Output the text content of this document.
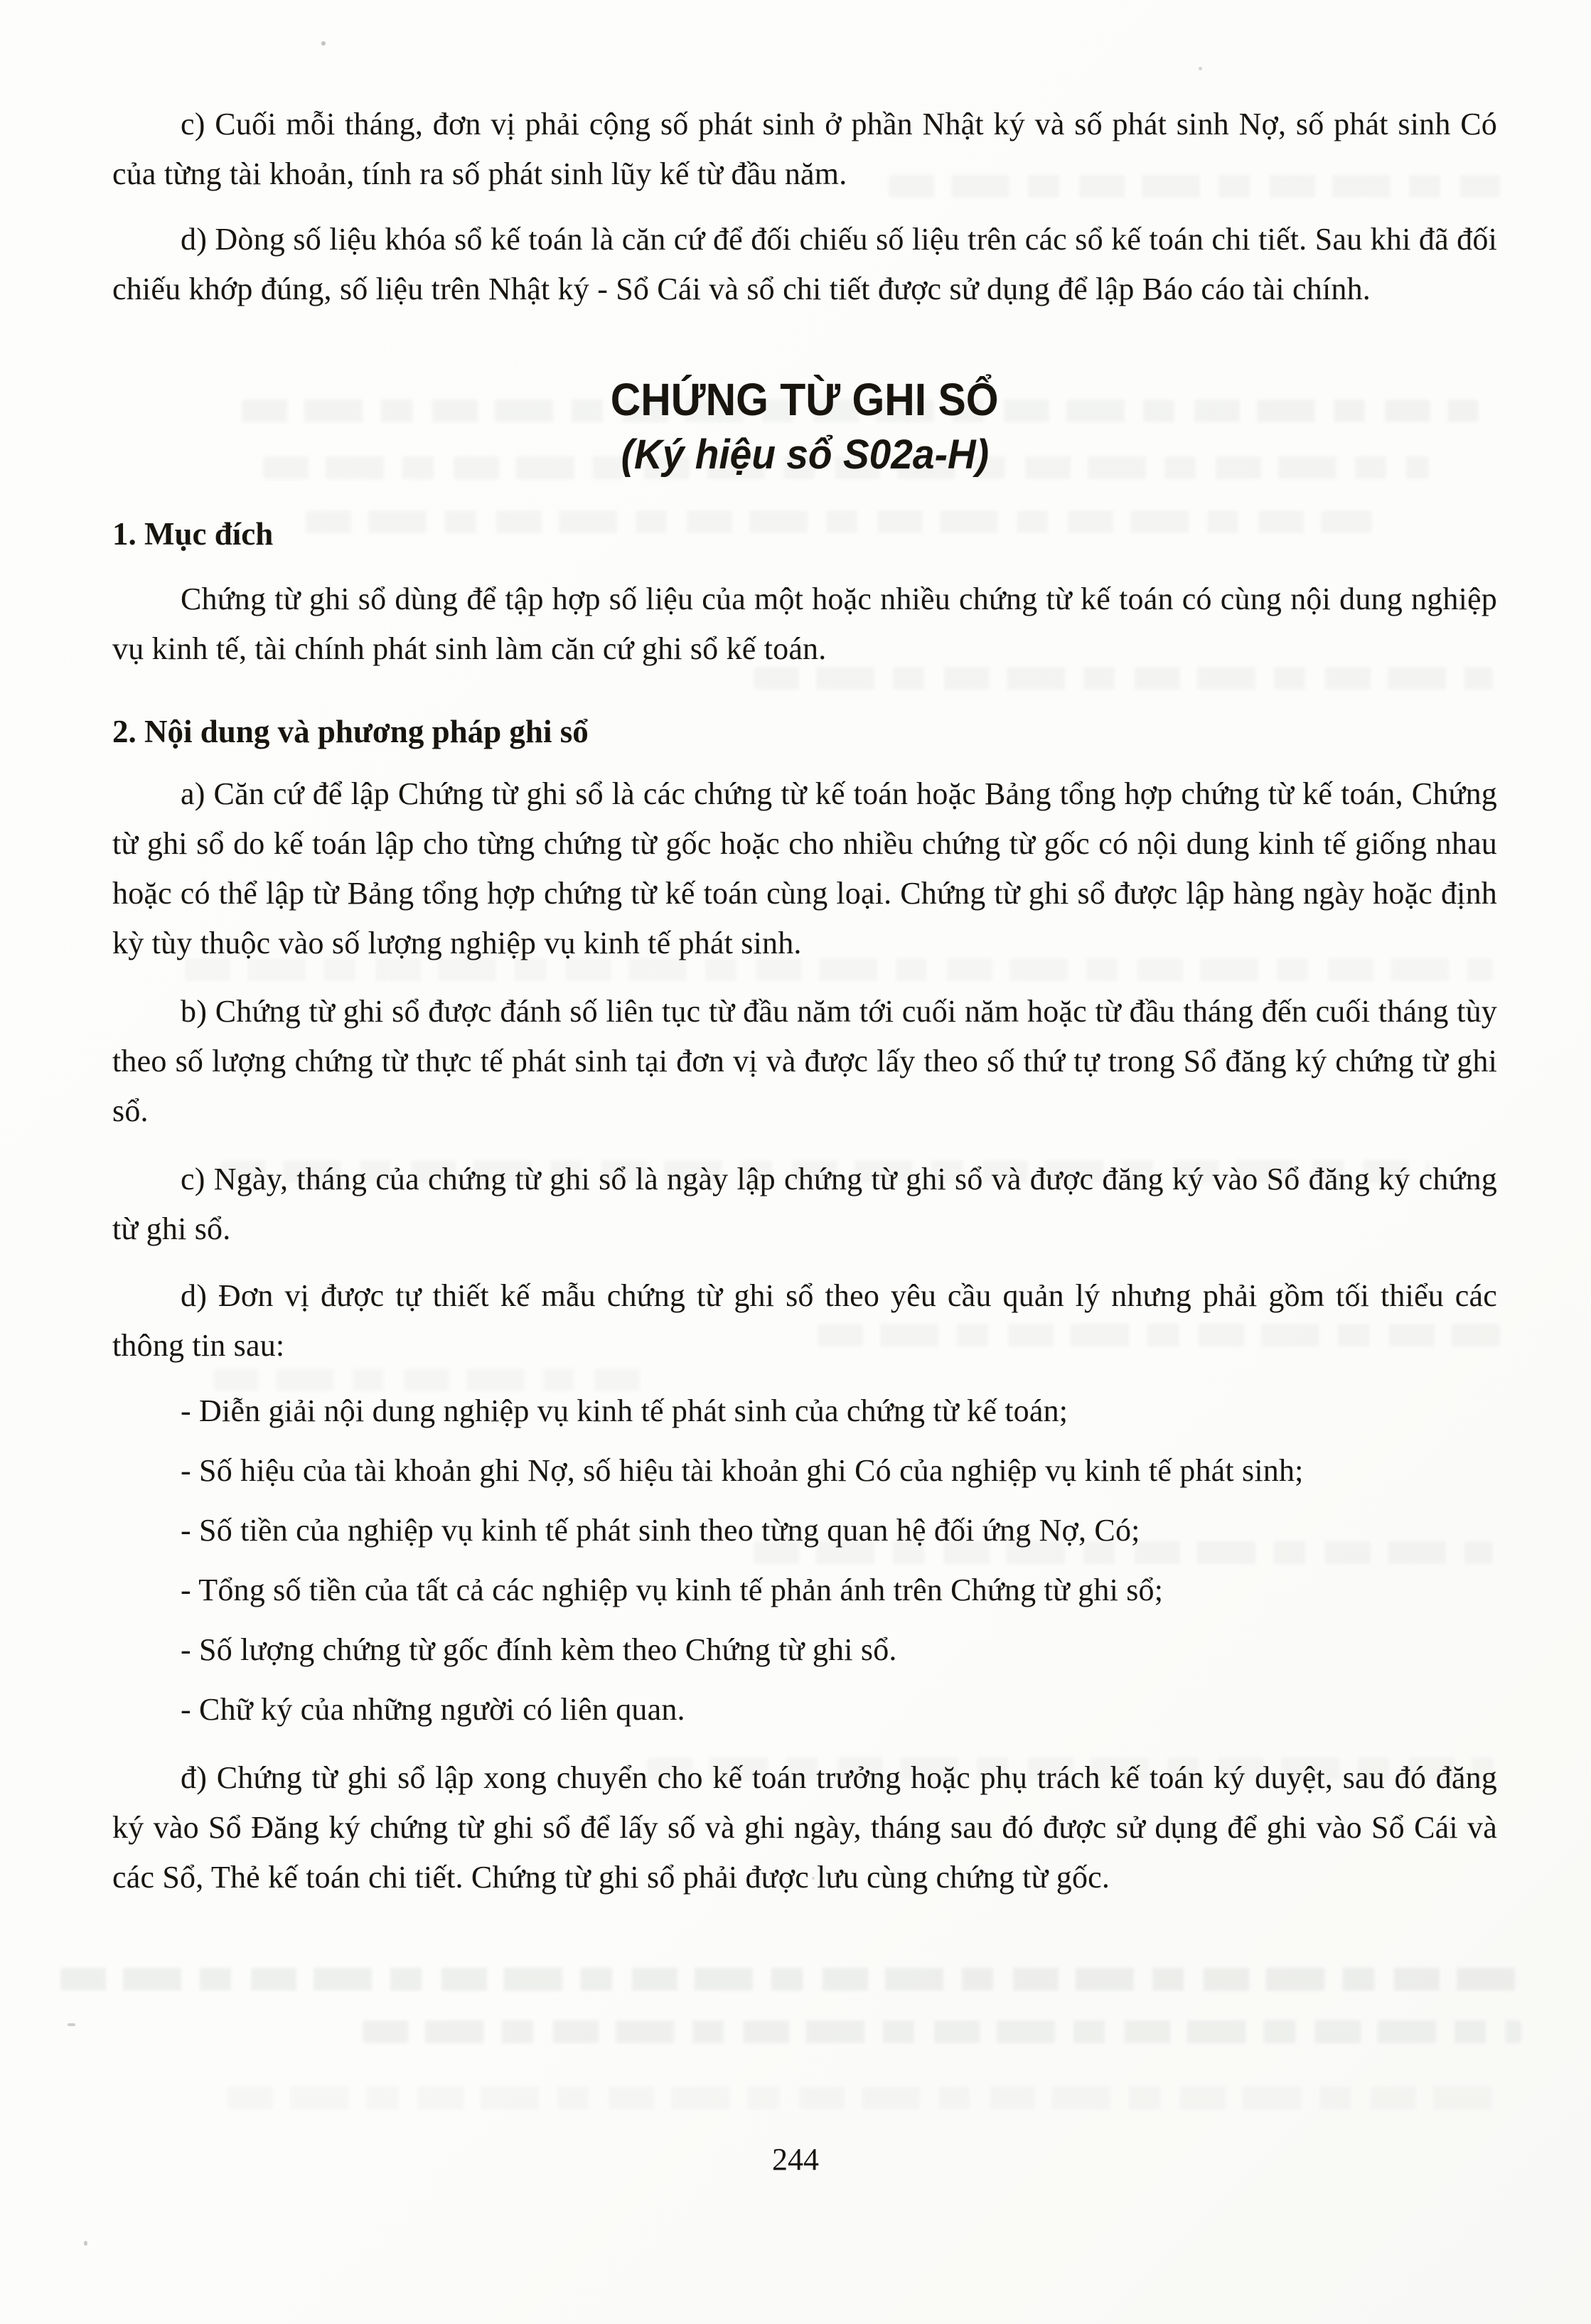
c) Cuối mỗi tháng, đơn vị phải cộng số phát sinh ở phần Nhật ký và số phát sinh Nợ, số phát sinh Có của từng tài khoản, tính ra số phát sinh lũy kế từ đầu năm.

d) Dòng số liệu khóa sổ kế toán là căn cứ để đối chiếu số liệu trên các sổ kế toán chi tiết. Sau khi đã đối chiếu khớp đúng, số liệu trên Nhật ký - Sổ Cái và sổ chi tiết được sử dụng để lập Báo cáo tài chính.

CHỨNG TỪ GHI SỔ
(Ký hiệu sổ S02a-H)
1. Mục đích

Chứng từ ghi sổ dùng để tập hợp số liệu của một hoặc nhiều chứng từ kế toán có cùng nội dung nghiệp vụ kinh tế, tài chính phát sinh làm căn cứ ghi sổ kế toán.

2. Nội dung và phương pháp ghi sổ

a) Căn cứ để lập Chứng từ ghi sổ là các chứng từ kế toán hoặc Bảng tổng hợp chứng từ kế toán, Chứng từ ghi sổ do kế toán lập cho từng chứng từ gốc hoặc cho nhiều chứng từ gốc có nội dung kinh tế giống nhau hoặc có thể lập từ Bảng tổng hợp chứng từ kế toán cùng loại. Chứng từ ghi sổ được lập hàng ngày hoặc định kỳ tùy thuộc vào số lượng nghiệp vụ kinh tế phát sinh.

b) Chứng từ ghi sổ được đánh số liên tục từ đầu năm tới cuối năm hoặc từ đầu tháng đến cuối tháng tùy theo số lượng chứng từ thực tế phát sinh tại đơn vị và được lấy theo số thứ tự trong Sổ đăng ký chứng từ ghi sổ.

c) Ngày, tháng của chứng từ ghi sổ là ngày lập chứng từ ghi sổ và được đăng ký vào Sổ đăng ký chứng từ ghi sổ.

d) Đơn vị được tự thiết kế mẫu chứng từ ghi sổ theo yêu cầu quản lý nhưng phải gồm tối thiểu các thông tin sau:

- Diễn giải nội dung nghiệp vụ kinh tế phát sinh của chứng từ kế toán;
- Số hiệu của tài khoản ghi Nợ, số hiệu tài khoản ghi Có của nghiệp vụ kinh tế phát sinh;
- Số tiền của nghiệp vụ kinh tế phát sinh theo từng quan hệ đối ứng Nợ, Có;
- Tổng số tiền của tất cả các nghiệp vụ kinh tế phản ánh trên Chứng từ ghi sổ;
- Số lượng chứng từ gốc đính kèm theo Chứng từ ghi sổ.
- Chữ ký của những người có liên quan.

đ) Chứng từ ghi sổ lập xong chuyển cho kế toán trưởng hoặc phụ trách kế toán ký duyệt, sau đó đăng ký vào Sổ Đăng ký chứng từ ghi sổ để lấy số và ghi ngày, tháng sau đó được sử dụng để ghi vào Sổ Cái và các Sổ, Thẻ kế toán chi tiết. Chứng từ ghi sổ phải được lưu cùng chứng từ gốc.

244
